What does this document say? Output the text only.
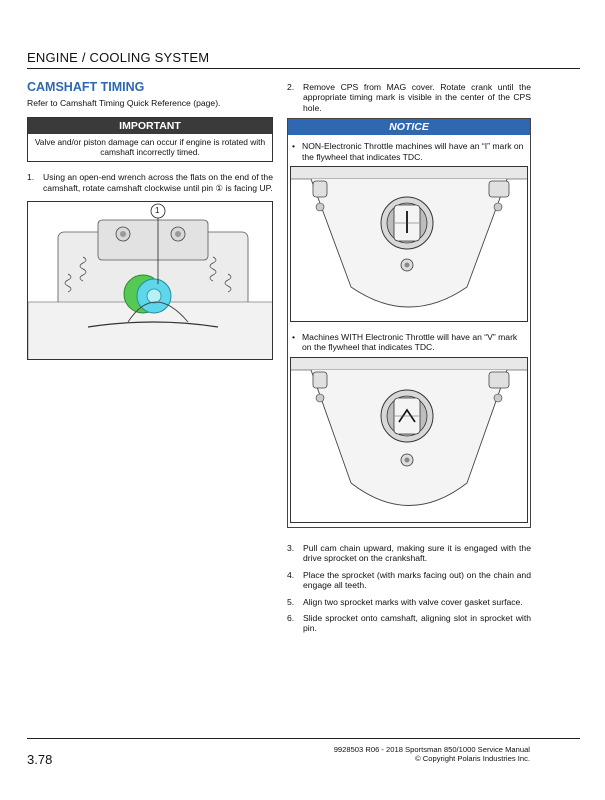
ENGINE / COOLING SYSTEM
CAMSHAFT TIMING
Refer to Camshaft Timing Quick Reference (page).
IMPORTANT
Valve and/or piston damage can occur if engine is rotated with camshaft incorrectly timed.
1.	Using an open-end wrench across the flats on the end of the camshaft, rotate camshaft clockwise until pin ① is facing UP.
1
2.	Remove CPS from MAG cover. Rotate crank until the appropriate timing mark is visible in the center of the CPS hole.
NOTICE
• NON-Electronic Throttle machines will have an “I” mark on the flywheel that indicates TDC.
• Machines WITH Electronic Throttle will have an “V” mark on the flywheel that indicates TDC.
3.	Pull cam chain upward, making sure it is engaged with the drive sprocket on the crankshaft.
4.	Place the sprocket (with marks facing out) on the chain and engage all teeth.
5.	Align two sprocket marks with valve cover gasket surface.
6.	Slide sprocket onto camshaft, aligning slot in sprocket with pin.
3.78
9928503 R06 - 2018 Sportsman 850/1000 Service Manual
© Copyright Polaris Industries Inc.
